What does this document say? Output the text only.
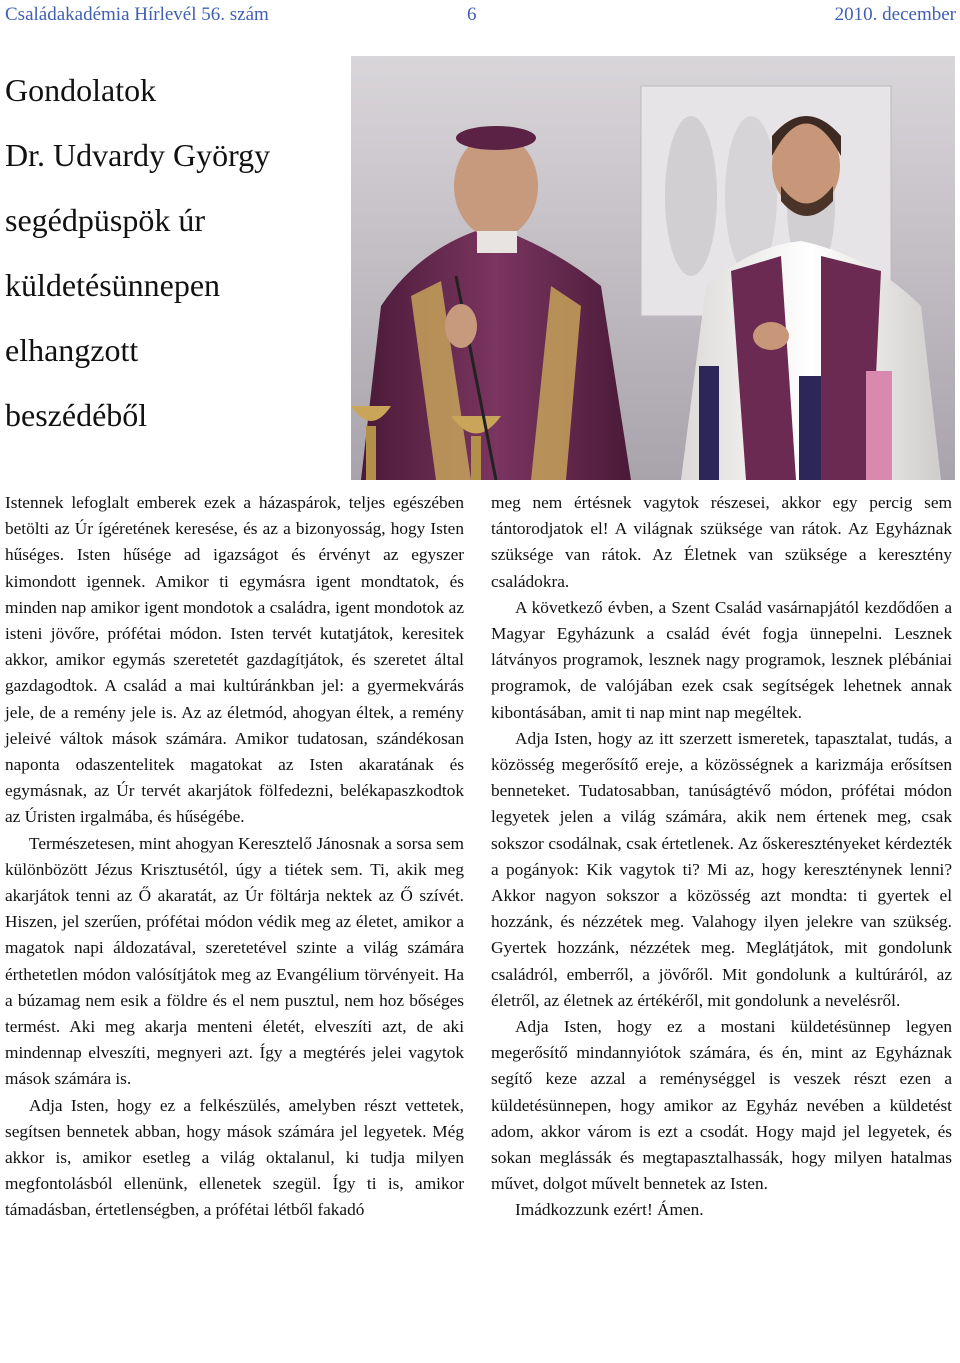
Családakadémia Hírlevél 56. szám	6	2010. december
Gondolatok
Dr. Udvardy György
segédpüspök úr
küldetésünnepen
elhangzott
beszédéből

Istennek lefoglalt emberek ezek a házaspárok, teljes egészében betölti az Úr ígéretének keresése, és az a bizonyosság, hogy Isten hűséges. Isten hűsége ad igazságot és érvényt az egyszer kimondott igennek. Amikor ti egymásra igent mondtatok, és minden nap amikor igent mondotok a családra, igent mondotok az isteni jövőre, prófétai módon. Isten tervét kutatjátok, keresitek akkor, amikor egymás szeretetét gazdagítjátok, és szeretet által gazdagodtok. A család a mai kultúránkban jel: a gyermekvárás jele, de a remény jele is. Az az életmód, ahogyan éltek, a remény jeleivé váltok mások számára. Amikor tudatosan, szándékosan naponta odaszentelitek magatokat az Isten akaratának és egymásnak, az Úr tervét akarjátok fölfedezni, belékapaszkodtok az Úristen irgalmába, és hűségébe.

Természetesen, mint ahogyan Keresztelő Jánosnak a sorsa sem különbözött Jézus Krisztusétól, úgy a tiétek sem. Ti, akik meg akarjátok tenni az Ő akaratát, az Úr föltárja nektek az Ő szívét. Hiszen, jel szerűen, prófétai módon védik meg az életet, amikor a magatok napi áldozatával, szeretetével szinte a világ számára érthetetlen módon valósítjátok meg az Evangélium törvényeit. Ha a búzamag nem esik a földre és el nem pusztul, nem hoz bőséges termést. Aki meg akarja menteni életét, elveszíti azt, de aki mindennap elveszíti, megnyeri azt. Így a megtérés jelei vagytok mások számára is.

Adja Isten, hogy ez a felkészülés, amelyben részt vettetek, segítsen bennetek abban, hogy mások számára jel legyetek. Még akkor is, amikor esetleg a világ oktalanul, ki tudja milyen megfontolásból ellenünk, ellenetek szegül. Így ti is, amikor támadásban, értetlenségben, a prófétai létből fakadó

meg nem értésnek vagytok részesei, akkor egy percig sem tántorodjatok el! A világnak szüksége van rátok. Az Egyháznak szüksége van rátok. Az Életnek van szüksége a keresztény családokra.

A következő évben, a Szent Család vasárnapjától kezdődően a Magyar Egyházunk a család évét fogja ünnepelni. Lesznek látványos programok, lesznek nagy programok, lesznek plébániai programok, de valójában ezek csak segítségek lehetnek annak kibontásában, amit ti nap mint nap megéltek.

Adja Isten, hogy az itt szerzett ismeretek, tapasztalat, tudás, a közösség megerősítő ereje, a közösségnek a karizmája erősítsen benneteket. Tudatosabban, tanúságtévő módon, prófétai módon legyetek jelen a világ számára, akik nem értenek meg, csak sokszor csodálnak, csak értetlenek. Az őskeresztényeket kérdezték a pogányok: Kik vagytok ti? Mi az, hogy kereszténynek lenni? Akkor nagyon sokszor a közösség azt mondta: ti gyertek el hozzánk, és nézzétek meg. Valahogy ilyen jelekre van szükség. Gyertek hozzánk, nézzétek meg. Meglátjátok, mit gondolunk családról, emberről, a jövőről. Mit gondolunk a kultúráról, az életről, az életnek az értékéről, mit gondolunk a nevelésről.

Adja Isten, hogy ez a mostani küldetésünnep legyen megerősítő mindannyiótok számára, és én, mint az Egyháznak segítő keze azzal a reménységgel is veszek részt ezen a küldetésünnepen, hogy amikor az Egyház nevében a küldetést adom, akkor várom is ezt a csodát. Hogy majd jel legyetek, és sokan meglássák és megtapasztalhassák, hogy milyen hatalmas művet, dolgot művelt bennetek az Isten.

Imádkozzunk ezért! Ámen.
